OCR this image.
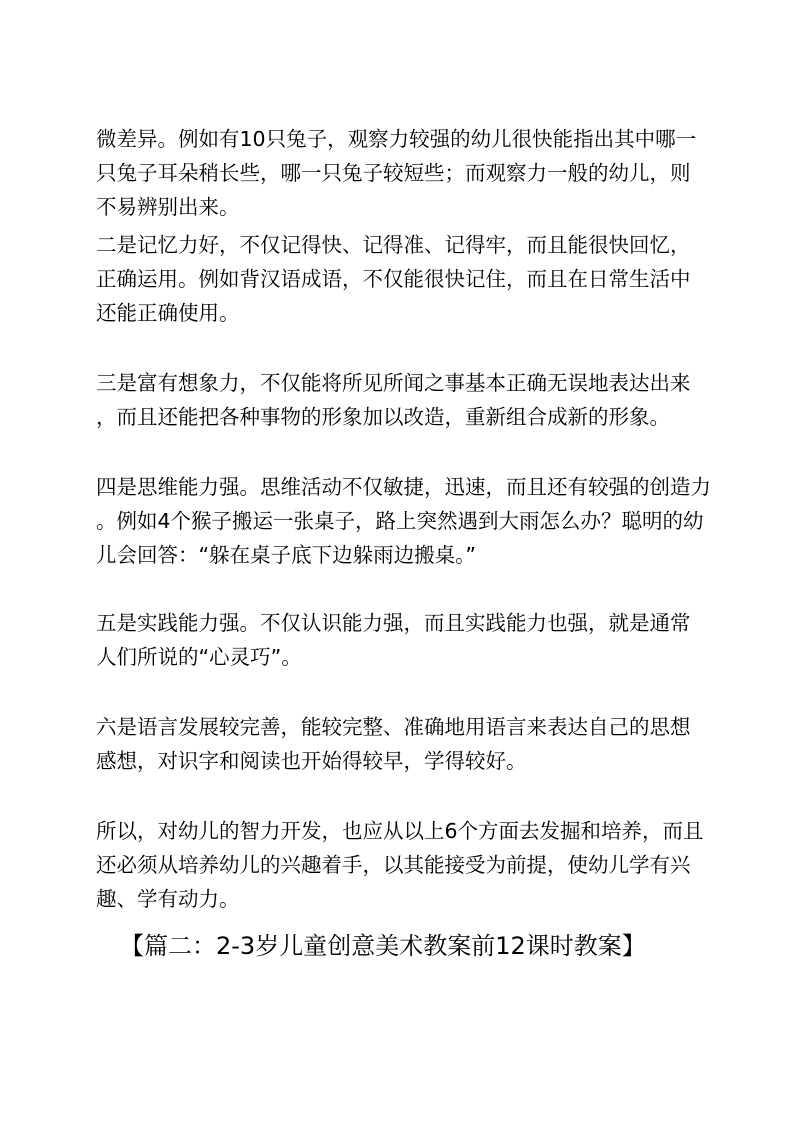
微差异。例如有10只兔子，观察力较强的幼儿很快能指出其中哪一
只兔子耳朵稍长些，哪一只兔子较短些；而观察力一般的幼儿，则
不易辨别出来。

二是记忆力好，不仅记得快、记得准、记得牢，而且能很快回忆，
正确运用。例如背汉语成语，不仅能很快记住，而且在日常生活中
还能正确使用。

三是富有想象力，不仅能将所见所闻之事基本正确无误地表达出来
，而且还能把各种事物的形象加以改造，重新组合成新的形象。

四是思维能力强。思维活动不仅敏捷，迅速，而且还有较强的创造力
。例如4个猴子搬运一张桌子，路上突然遇到大雨怎么办？聪明的幼
儿会回答：“躲在桌子底下边躲雨边搬桌。”

五是实践能力强。不仅认识能力强，而且实践能力也强，就是通常
人们所说的“心灵巧”。

六是语言发展较完善，能较完整、准确地用语言来表达自己的思想
感想，对识字和阅读也开始得较早，学得较好。

所以，对幼儿的智力开发，也应从以上6个方面去发掘和培养，而且
还必须从培养幼儿的兴趣着手，以其能接受为前提，使幼儿学有兴
趣、学有动力。

【篇二：2-3岁儿童创意美术教案前12课时教案】
